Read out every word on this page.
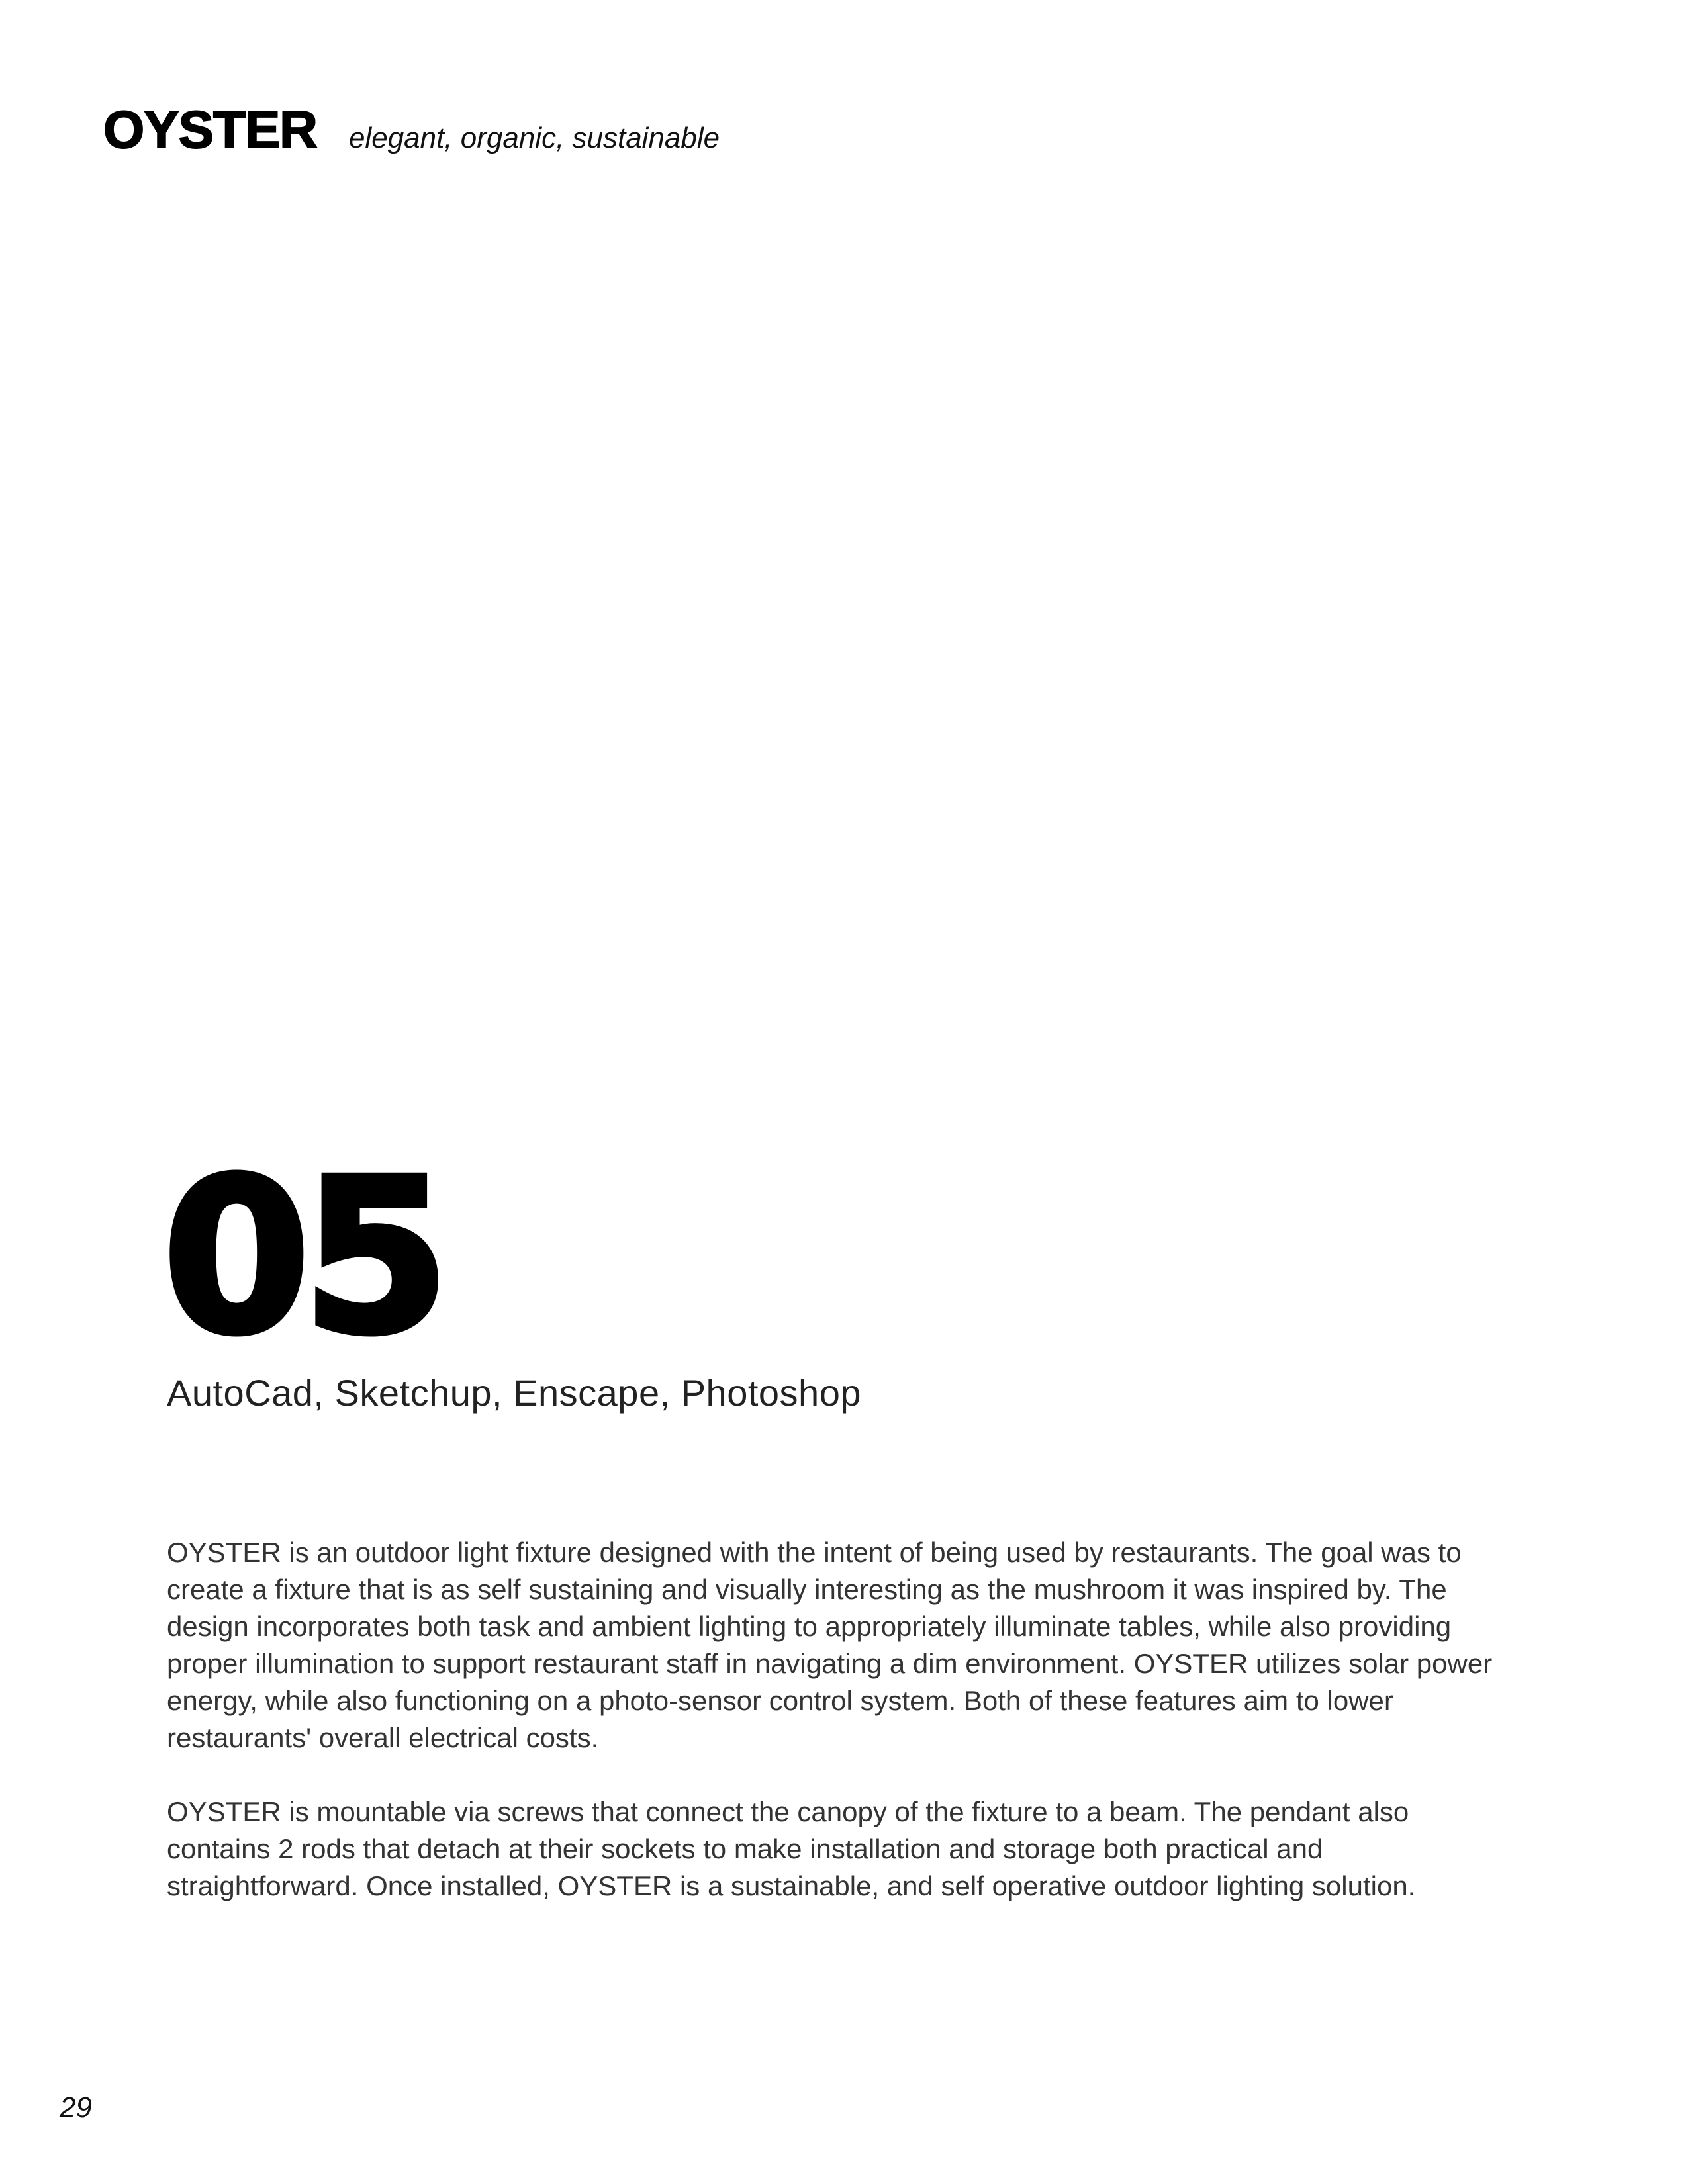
OYSTER elegant, organic, sustainable
05
AutoCad, Sketchup, Enscape, Photoshop

OYSTER is an outdoor light fixture designed with the intent of being used by restaurants. The goal was to create a fixture that is as self sustaining and visually interesting as the mushroom it was inspired by. The design incorporates both task and ambient lighting to appropriately illuminate tables, while also providing proper illumination to support restaurant staff in navigating a dim environment. OYSTER utilizes solar power energy, while also functioning on a photo-sensor control system. Both of these features aim to lower restaurants' overall electrical costs.

OYSTER is mountable via screws that connect the canopy of the fixture to a beam. The pendant also contains 2 rods that detach at their sockets to make installation and storage both practical and straightforward. Once installed, OYSTER is a sustainable, and self operative outdoor lighting solution.

29
